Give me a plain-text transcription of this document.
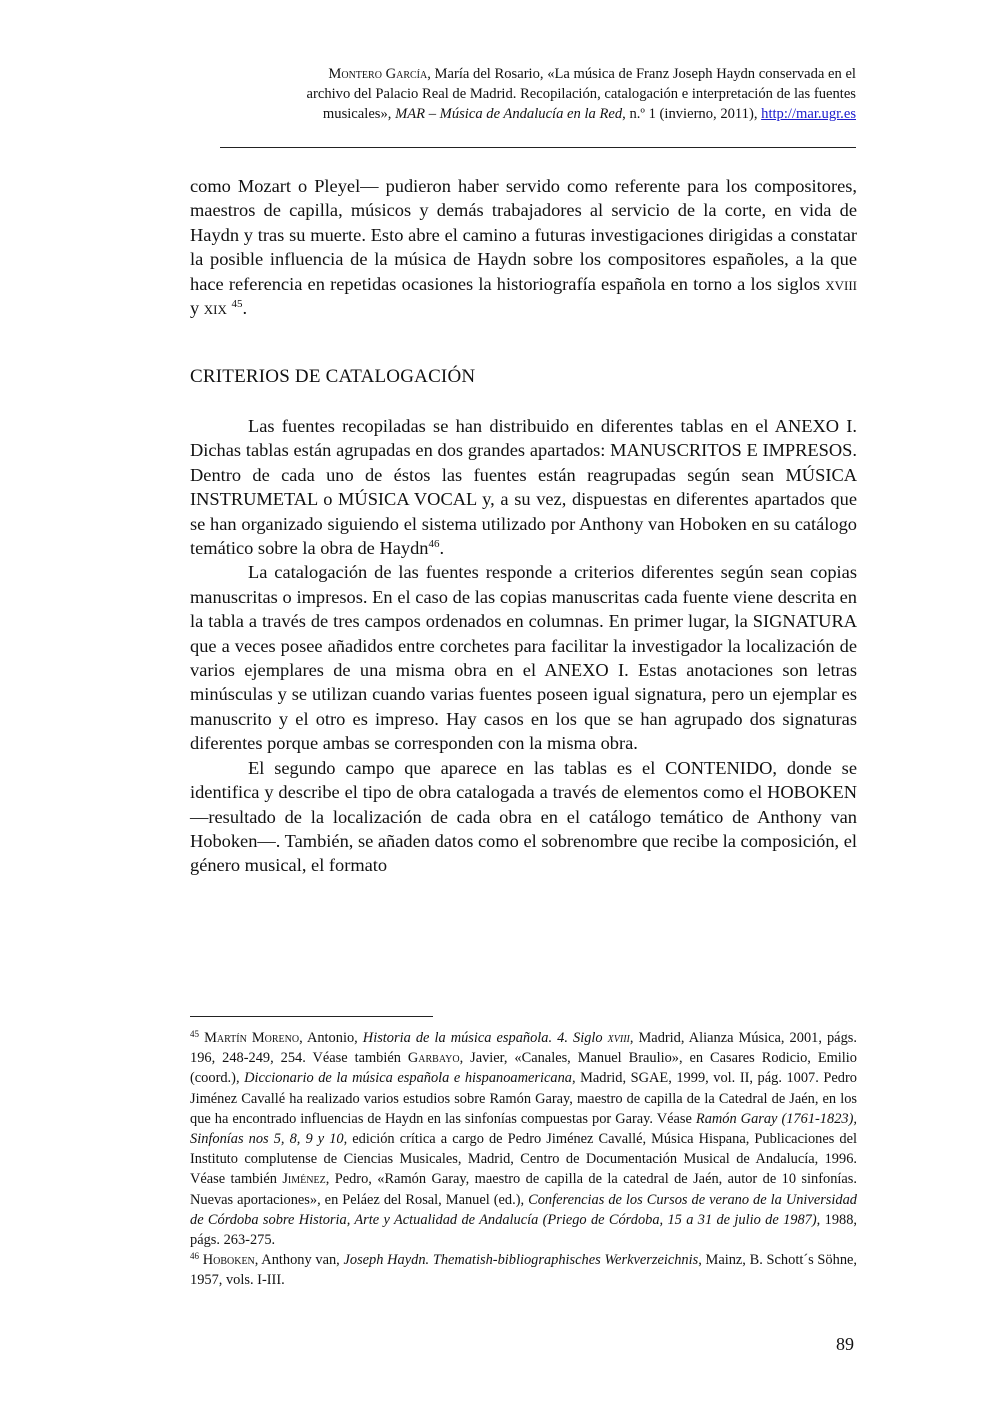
Montero García, María del Rosario, «La música de Franz Joseph Haydn conservada en el
archivo del Palacio Real de Madrid. Recopilación, catalogación e interpretación de las fuentes
musicales», MAR – Música de Andalucía en la Red, n.º 1 (invierno, 2011), http://mar.ugr.es

como Mozart o Pleyel— pudieron haber servido como referente para los compositores, maestros de capilla, músicos y demás trabajadores al servicio de la corte, en vida de Haydn y tras su muerte. Esto abre el camino a futuras investigaciones dirigidas a constatar la posible influencia de la música de Haydn sobre los compositores españoles, a la que hace referencia en repetidas ocasiones la historiografía española en torno a los siglos xviii y xix $^{45}$.

CRITERIOS DE CATALOGACIÓN

Las fuentes recopiladas se han distribuido en diferentes tablas en el ANEXO I. Dichas tablas están agrupadas en dos grandes apartados: MANUSCRITOS E IMPRESOS. Dentro de cada uno de éstos las fuentes están reagrupadas según sean MÚSICA INSTRUMETAL o MÚSICA VOCAL y, a su vez, dispuestas en diferentes apartados que se han organizado siguiendo el sistema utilizado por Anthony van Hoboken en su catálogo temático sobre la obra de Haydn$^{46}$.

La catalogación de las fuentes responde a criterios diferentes según sean copias manuscritas o impresos. En el caso de las copias manuscritas cada fuente viene descrita en la tabla a través de tres campos ordenados en columnas. En primer lugar, la SIGNATURA que a veces posee añadidos entre corchetes para facilitar la investigador la localización de varios ejemplares de una misma obra en el ANEXO I. Estas anotaciones son letras minúsculas y se utilizan cuando varias fuentes poseen igual signatura, pero un ejemplar es manuscrito y el otro es impreso. Hay casos en los que se han agrupado dos signaturas diferentes porque ambas se corresponden con la misma obra.

El segundo campo que aparece en las tablas es el CONTENIDO, donde se identifica y describe el tipo de obra catalogada a través de elementos como el HOBOKEN —resultado de la localización de cada obra en el catálogo temático de Anthony van Hoboken—. También, se añaden datos como el sobrenombre que recibe la composición, el género musical, el formato

$^{45}$ Martín Moreno, Antonio, Historia de la música española. 4. Siglo xviii, Madrid, Alianza Música, 2001, págs. 196, 248-249, 254. Véase también Garbayo, Javier, «Canales, Manuel Braulio», en Casares Rodicio, Emilio (coord.), Diccionario de la música española e hispanoamericana, Madrid, SGAE, 1999, vol. II, pág. 1007. Pedro Jiménez Cavallé ha realizado varios estudios sobre Ramón Garay, maestro de capilla de la Catedral de Jaén, en los que ha encontrado influencias de Haydn en las sinfonías compuestas por Garay. Véase Ramón Garay (1761-1823), Sinfonías nos 5, 8, 9 y 10, edición crítica a cargo de Pedro Jiménez Cavallé, Música Hispana, Publicaciones del Instituto complutense de Ciencias Musicales, Madrid, Centro de Documentación Musical de Andalucía, 1996. Véase también Jiménez, Pedro, «Ramón Garay, maestro de capilla de la catedral de Jaén, autor de 10 sinfonías. Nuevas aportaciones», en Peláez del Rosal, Manuel (ed.), Conferencias de los Cursos de verano de la Universidad de Córdoba sobre Historia, Arte y Actualidad de Andalucía (Priego de Córdoba, 15 a 31 de julio de 1987), 1988, págs. 263-275.

$^{46}$ Hoboken, Anthony van, Joseph Haydn. Thematish-bibliographisches Werkverzeichnis, Mainz, B. Schott´s Söhne, 1957, vols. I-III.

89
